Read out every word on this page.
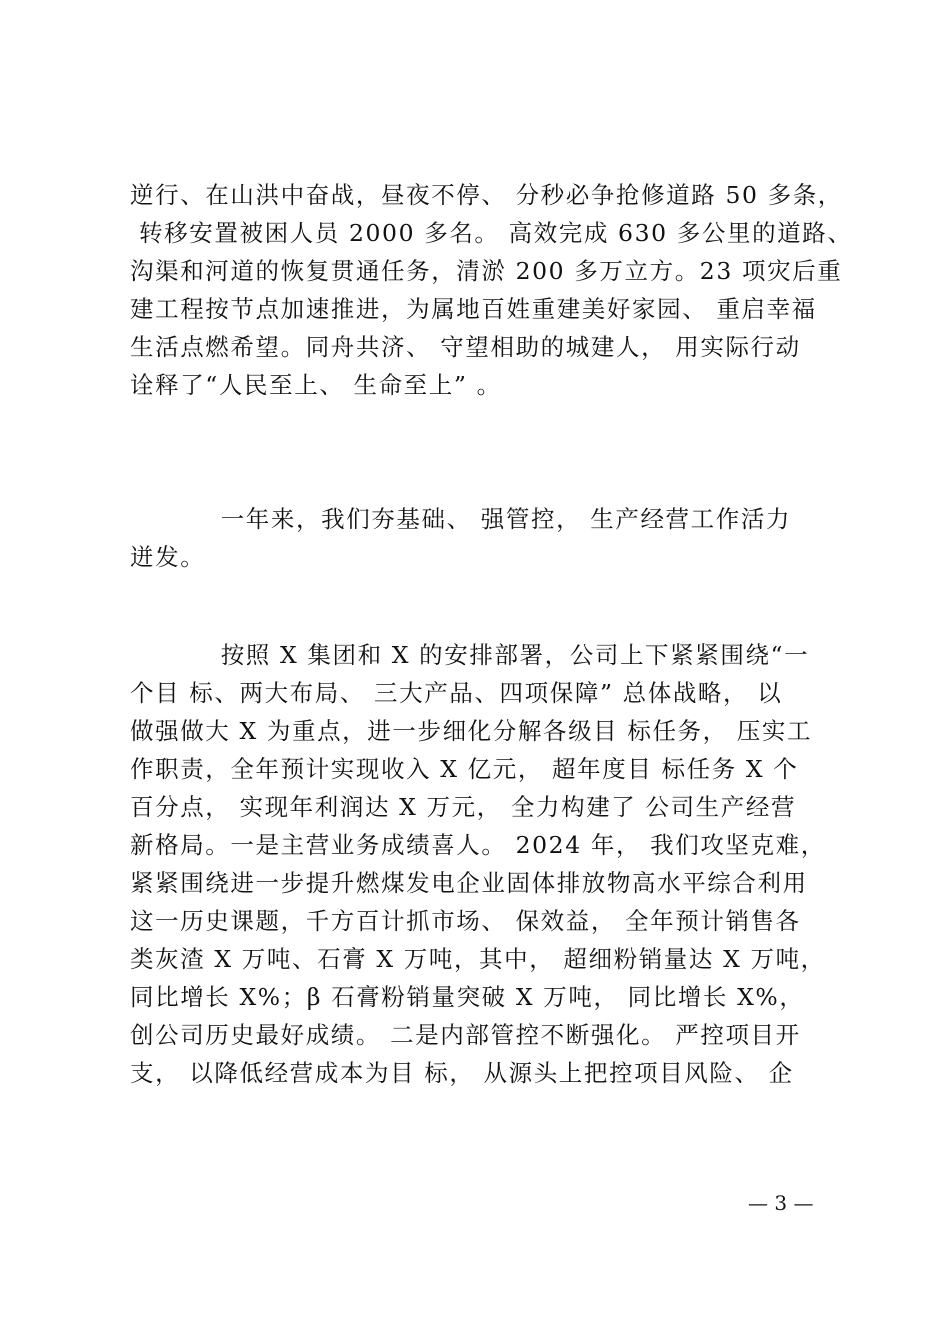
逆行、在山洪中奋战，昼夜不停、 分秒必争抢修道路 50 多条，
转移安置被困人员 2000 多名。 高效完成 630 多公里的道路、
沟渠和河道的恢复贯通任务，清淤 200 多万立方。23 项灾后重
建工程按节点加速推进，为属地百姓重建美好家园、 重启幸福
生活点燃希望。同舟共济、 守望相助的城建人， 用实际行动
诠释了“人民至上、 生命至上” 。
一年来，我们夯基础、 强管控， 生产经营工作活力
迸发。
按照 X 集团和 X 的安排部署，公司上下紧紧围绕“一
个目 标、两大布局、 三大产品、四项保障” 总体战略， 以
做强做大 X 为重点，进一步细化分解各级目 标任务， 压实工
作职责，全年预计实现收入 X 亿元， 超年度目 标任务 X 个
百分点， 实现年利润达 X 万元， 全力构建了 公司生产经营
新格局。一是主营业务成绩喜人。 2024 年， 我们攻坚克难，
紧紧围绕进一步提升燃煤发电企业固体排放物高水平综合利用
这一历史课题，千方百计抓市场、 保效益， 全年预计销售各
类灰渣 X 万吨、石膏 X 万吨，其中， 超细粉销量达 X 万吨，
同比增长 X%；β 石膏粉销量突破 X 万吨， 同比增长 X%，
创公司历史最好成绩。 二是内部管控不断强化。 严控项目开
支， 以降低经营成本为目 标， 从源头上把控项目风险、 企
— 3 —
